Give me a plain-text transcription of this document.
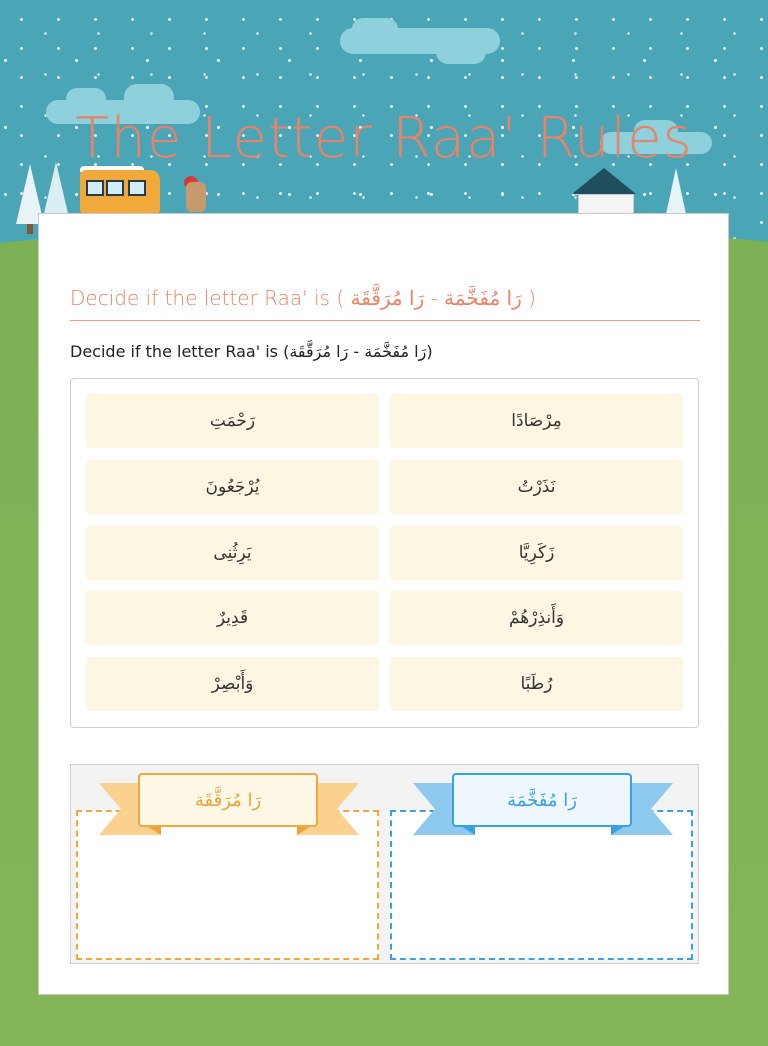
The Letter Raa' Rules
Decide if the letter Raa' is ( رَا مُفَخَّمَة - رَا مُرَقَّقَة )

Decide if the letter Raa' is (رَا مُفَخَّمَة - رَا مُرَقَّقَة)

رَحْمَتِ	مِرْصَادًا
يُرْجَعُونَ	نَذَرْتُ
يَرِثُنِى	زَكَرِيَّا
قَدِيرٌ	وَأَنذِرْهُمْ
وَأَبْصِرْ	رُطَبًا
رَا مُرَقَّقَة	رَا مُفَخَّمَة
